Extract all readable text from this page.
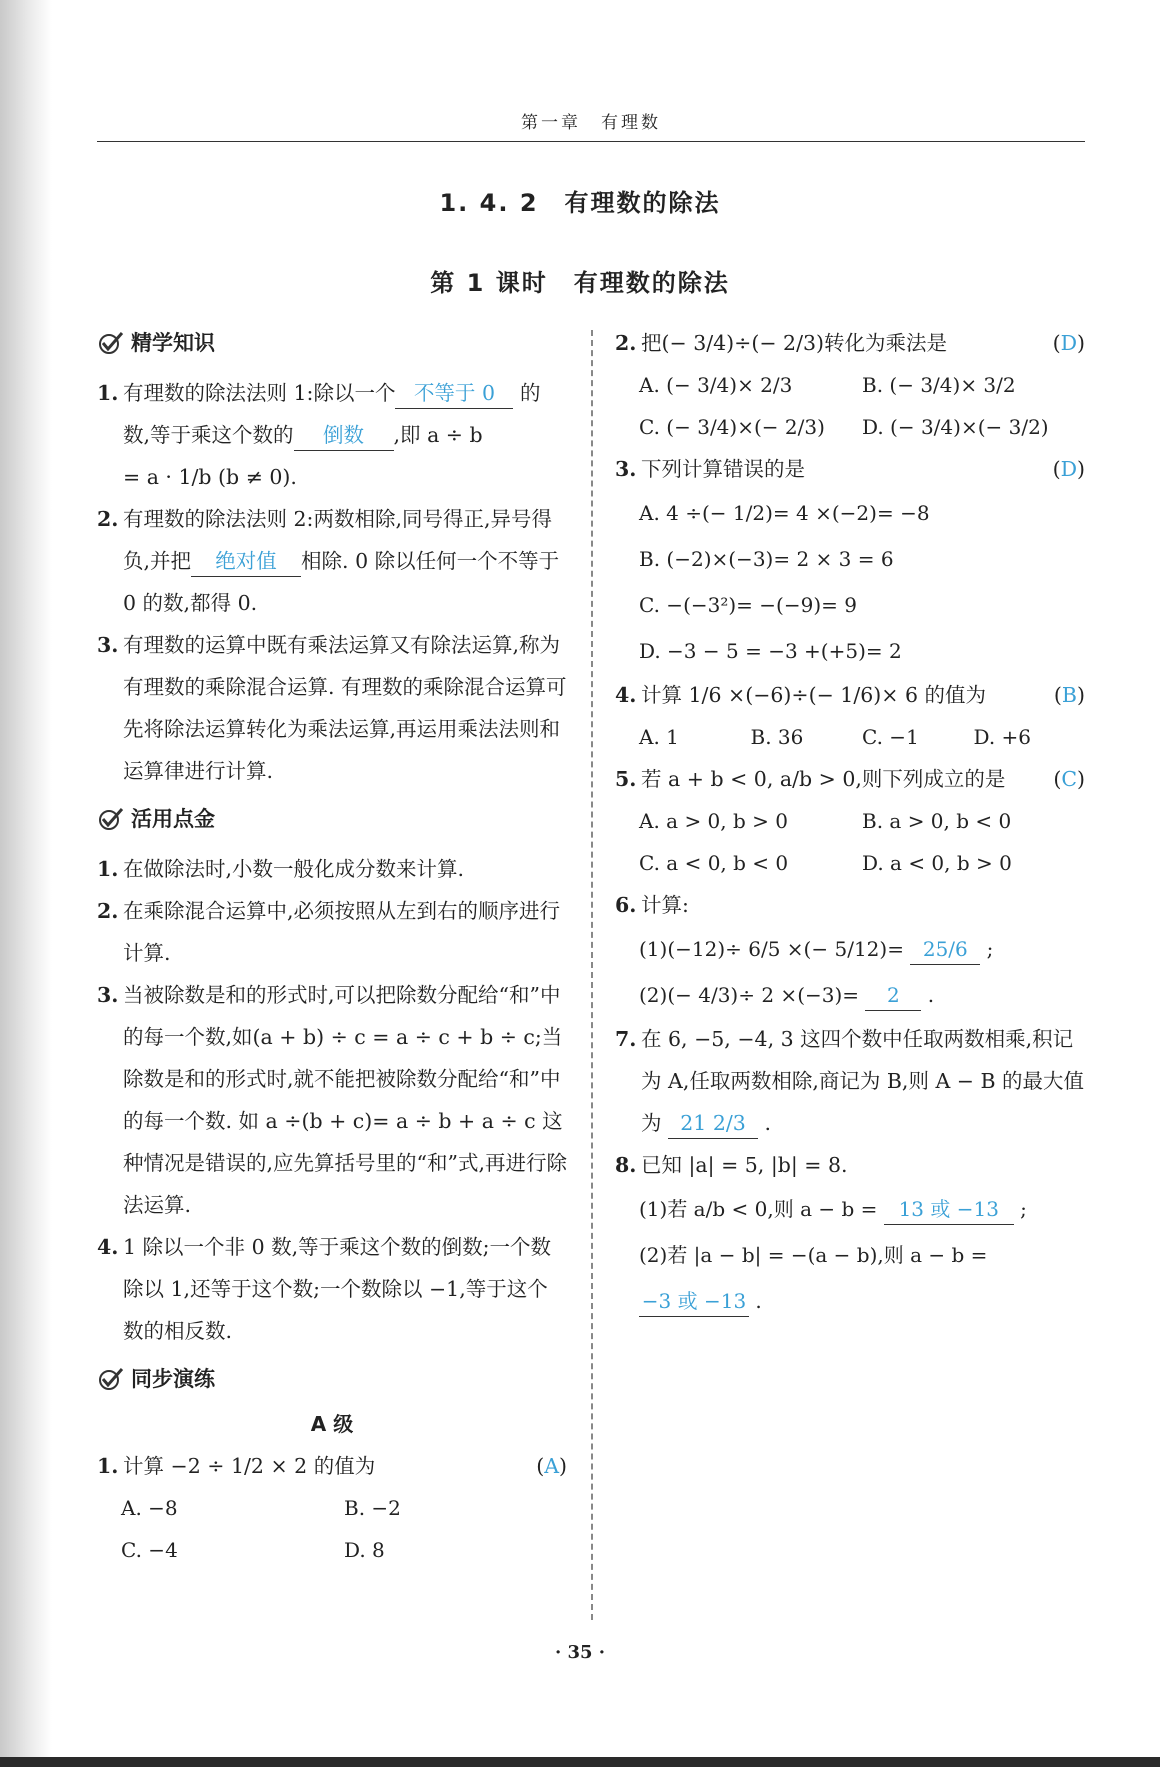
第一章　有理数
1. 4. 2　有理数的除法
第 1 课时　有理数的除法
精学知识
1. 有理数的除法法则 1:除以一个 不等于 0 的数,等于乘这个数的 倒数 ,即 a ÷ b
= a · 1/b (b ≠ 0).
2. 有理数的除法法则 2:两数相除,同号得正,异号得负,并把 绝对值 相除. 0 除以任何一个不等于 0 的数,都得 0.
3. 有理数的运算中既有乘法运算又有除法运算,称为有理数的乘除混合运算. 有理数的乘除混合运算可先将除法运算转化为乘法运算,再运用乘法法则和运算律进行计算.
活用点金
1. 在做除法时,小数一般化成分数来计算.
2. 在乘除混合运算中,必须按照从左到右的顺序进行计算.
3. 当被除数是和的形式时,可以把除数分配给“和”中的每一个数,如(a + b) ÷ c = a ÷ c + b ÷ c;当除数是和的形式时,就不能把被除数分配给“和”中的每一个数. 如 a ÷(b + c)= a ÷ b + a ÷ c 这种情况是错误的,应先算括号里的“和”式,再进行除法运算.
4. 1 除以一个非 0 数,等于乘这个数的倒数;一个数除以 1,还等于这个数;一个数除以 −1,等于这个数的相反数.
同步演练
A 级
1. 计算 −2 ÷ 1/2 × 2 的值为	(A)
A. −8	B. −2
C. −4	D. 8
2. 把(− 3/4)÷(− 2/3)转化为乘法是	(D)
A. (− 3/4)× 2/3	B. (− 3/4)× 3/2
C. (− 3/4)×(− 2/3)	D. (− 3/4)×(− 3/2)
3. 下列计算错误的是	(D)
A. 4 ÷(− 1/2)= 4 ×(−2)= −8
B. (−2)×(−3)= 2 × 3 = 6
C. −(−3²)= −(−9)= 9
D. −3 − 5 = −3 +(+5)= 2
4. 计算 1/6 ×(−6)÷(− 1/6)× 6 的值为	(B)
A. 1	B. 36	C. −1	D. +6
5. 若 a + b < 0, a/b > 0,则下列成立的是 (C)
A. a > 0, b > 0	B. a > 0, b < 0
C. a < 0, b < 0	D. a < 0, b > 0
6. 计算:
(1)(−12)÷ 6/5 ×(− 5/12)= 25/6 ;
(2)(− 4/3)÷ 2 ×(−3)= 2 .
7. 在 6, −5, −4, 3 这四个数中任取两数相乘,积记为 A,任取两数相除,商记为 B,则 A − B 的最大值为 21 2/3 .
8. 已知 |a| = 5, |b| = 8.
(1)若 a/b < 0,则 a − b = 13 或 −13 ;
(2)若 |a − b| = −(a − b),则 a − b = −3 或 −13 .
· 35 ·
